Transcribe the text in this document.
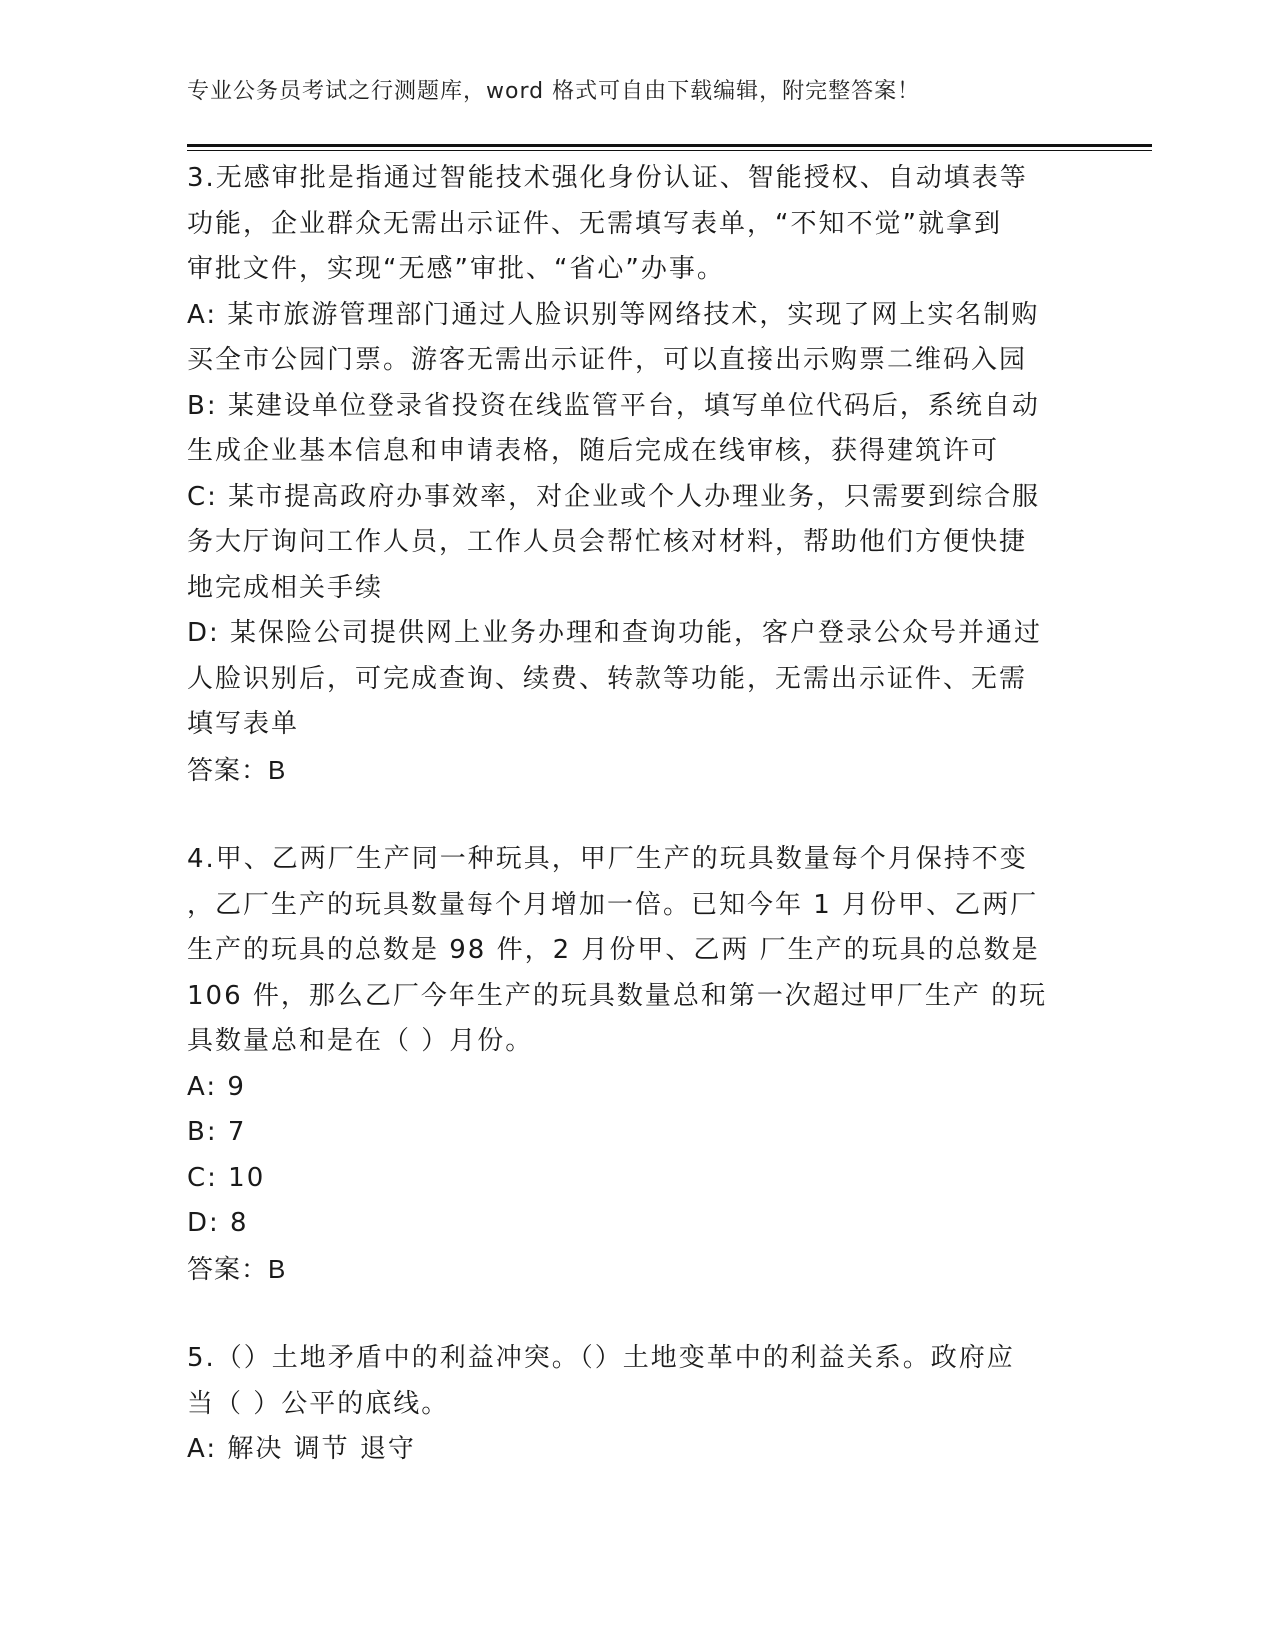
专业公务员考试之行测题库，word 格式可自由下载编辑，附完整答案！
3.无感审批是指通过智能技术强化身份认证、智能授权、自动填表等
功能，企业群众无需出示证件、无需填写表单，“不知不觉”就拿到
审批文件，实现“无感”审批、“省心”办事。
A: 某市旅游管理部门通过人脸识别等网络技术，实现了网上实名制购
买全市公园门票。游客无需出示证件，可以直接出示购票二维码入园
B: 某建设单位登录省投资在线监管平台，填写单位代码后，系统自动
生成企业基本信息和申请表格，随后完成在线审核，获得建筑许可
C: 某市提高政府办事效率，对企业或个人办理业务，只需要到综合服
务大厅询问工作人员，工作人员会帮忙核对材料，帮助他们方便快捷
地完成相关手续
D: 某保险公司提供网上业务办理和查询功能，客户登录公众号并通过
人脸识别后，可完成查询、续费、转款等功能，无需出示证件、无需
填写表单
答案：B
4.甲、乙两厂生产同一种玩具，甲厂生产的玩具数量每个月保持不变
，乙厂生产的玩具数量每个月增加一倍。已知今年 1 月份甲、乙两厂
生产的玩具的总数是 98 件，2 月份甲、乙两 厂生产的玩具的总数是
106 件，那么乙厂今年生产的玩具数量总和第一次超过甲厂生产 的玩
具数量总和是在（ ）月份。
A: 9
B: 7
C: 10
D: 8
答案：B
5.（）土地矛盾中的利益冲突。（）土地变革中的利益关系。政府应
当（ ）公平的底线。
A: 解决 调节 退守
